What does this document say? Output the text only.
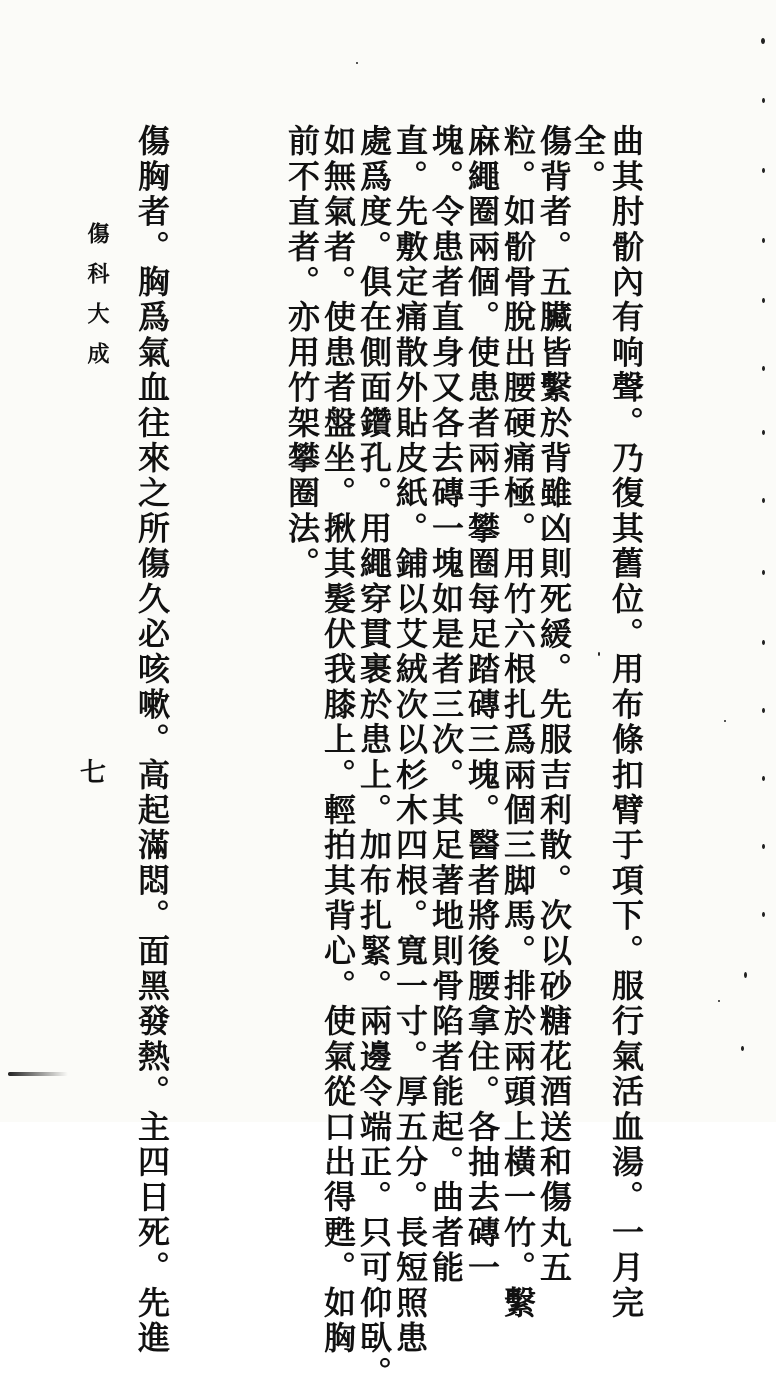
曲其肘骱內有响聲。乃復其舊位。用布條扣臂于項下。服行氣活血湯。一月完
全。
傷背者。五臟皆繫於背雖凶則死緩。先服吉利散。次以砂糖花酒送和傷丸五
粒。如骱骨脫出腰硬痛極。用竹六根扎爲兩個三脚馬。排於兩頭上橫一竹。繫
麻繩圈兩個。使患者兩手攀圈每足踏磚三塊。醫者將後腰拿住。各抽去磚一
塊。令患者直身又各去磚一塊如是者三次。其足著地則骨陷者能起。曲者能
直。先敷定痛散外貼皮紙。鋪以艾絨次以杉木四根。寬一寸。厚五分。長短照患
處爲度。俱在側面鑽孔。用繩穿貫裹於患上。加布扎緊。兩邊令端正。只可仰臥。
如無氣者。使患者盤坐。揪其髮伏我膝上。輕拍其背心。使氣從口出得甦。如胸
前不直者。亦用竹架攀圈法。
傷胸者。胸爲氣血往來之所傷久必咳嗽。高起滿悶。面黑發熱。主四日死。先進
傷科大成
七
